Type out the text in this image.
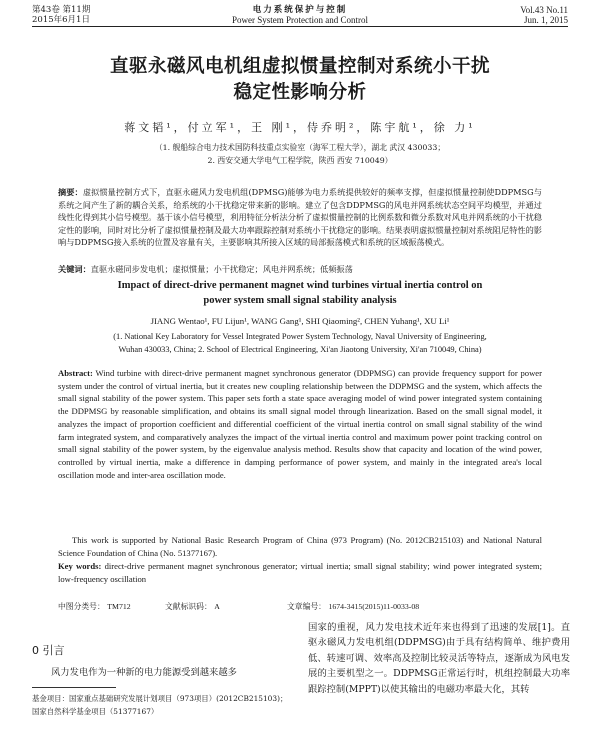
第43卷 第11期
2015年6月1日
电力系统保护与控制
Power System Protection and Control
Vol.43 No.11
Jun. 1, 2015
直驱永磁风电机组虚拟惯量控制对系统小干扰
稳定性影响分析
蒋文韬¹，付立军¹，王 刚¹，侍乔明²，陈宇航¹，徐 力¹
（1. 舰船综合电力技术国防科技重点实验室（海军工程大学），湖北 武汉 430033；
2. 西安交通大学电气工程学院，陕西 西安 710049）
摘要：虚拟惯量控制方式下，直驱永磁风力发电机组(DPMSG)能够为电力系统提供较好的频率支撑，但虚拟惯量控制使DDPMSG与系统之间产生了新的耦合关系，给系统的小干扰稳定带来新的影响。建立了包含DDPMSG的风电并网系统状态空间平均模型，并通过线性化得到其小信号模型。基于该小信号模型，利用特征分析法分析了虚拟惯量控制的比例系数和微分系数对风电并网系统的小干扰稳定性的影响，同时对比分析了虚拟惯量控制及最大功率跟踪控制对系统小干扰稳定的影响。结果表明虚拟惯量控制对系统阻尼特性的影响与DDPMSG接入系统的位置及容量有关，主要影响其所接入区域的局部振荡模式和系统的区域振荡模式。
关键词：直驱永磁同步发电机；虚拟惯量；小干扰稳定；风电并网系统；低频振荡
Impact of direct-drive permanent magnet wind turbines virtual inertia control on
power system small signal stability analysis
JIANG Wentao¹, FU Lijun¹, WANG Gang¹, SHI Qiaoming², CHEN Yuhang¹, XU Li¹
(1. National Key Laboratory for Vessel Integrated Power System Technology, Naval University of Engineering,
Wuhan 430033, China; 2. School of Electrical Engineering, Xi'an Jiaotong University, Xi'an 710049, China)
Abstract: Wind turbine with direct-drive permanent magnet synchronous generator (DDPMSG) can provide frequency support for power system under the control of virtual inertia, but it creates new coupling relationship between the DDPMSG and the system, which affects the small signal stability of the power system. This paper sets forth a state space averaging model of wind power integrated system containing the DDPMSG by reasonable simplification, and obtains its small signal model through linearization. Based on the small signal model, it analyzes the impact of proportion coefficient and differential coefficient of the virtual inertia control on small signal stability of the wind farm integrated system, and comparatively analyzes the impact of the virtual inertia control and maximum power point tracking control on small signal stability of the power system, by the eigenvalue analysis method. Results show that capacity and location of the wind power, controlled by virtual inertia, make a difference in damping performance of power system, and mainly in the integrated area's local oscillation mode and inter-area oscillation mode.
This work is supported by National Basic Research Program of China (973 Program) (No. 2012CB215103) and National Natural Science Foundation of China (No. 51377167).
Key words: direct-drive permanent magnet synchronous generator; virtual inertia; small signal stability; wind power integrated system; low-frequency oscillation
中图分类号： TM712	文献标识码： A	文章编号： 1674-3415(2015)11-0033-08
0 引言
风力发电作为一种新的电力能源受到越来越多
基金项目：国家重点基础研究发展计划项目（973项目）(2012CB215103)；国家自然科学基金项目（51377167）
国家的重视，风力发电技术近年来也得到了迅速的发展[1]。直驱永磁风力发电机组(DDPMSG)由于具有结构简单、维护费用低、转速可调、效率高及控制比较灵活等特点，逐渐成为风电发展的主要机型之一。DDPMSG正常运行时，机组控制最大功率跟踪控制(MPPT)以使其输出的电磁功率最大化，其转
